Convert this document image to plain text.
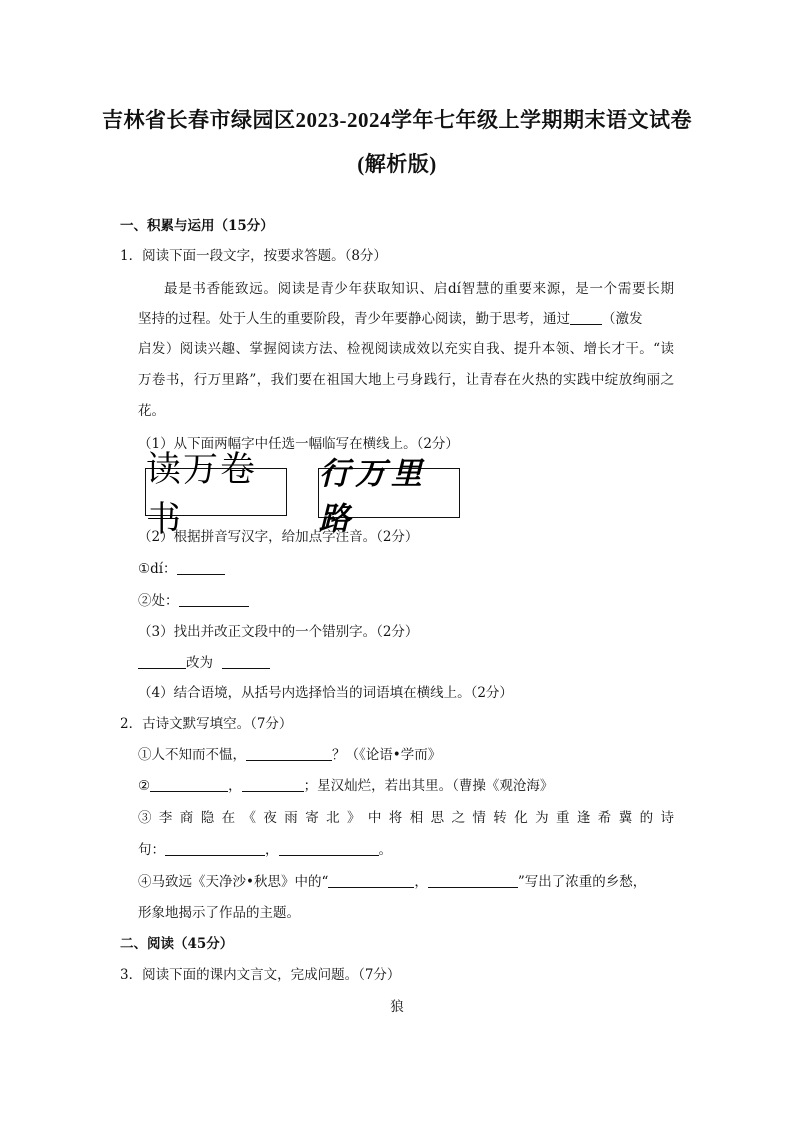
吉林省长春市绿园区2023-2024学年七年级上学期期末语文试卷
(解析版)
一、积累与运用（15分）
1．阅读下面一段文字，按要求答题。（8分）
最是书香能致远。阅读是青少年获取知识、启dí智慧的重要来源，是一个需要长期
坚持的过程。处于人生的重要阶段，青少年要静心阅读，勤于思考，通过 （激发
启发）阅读兴趣、掌握阅读方法、检视阅读成效以充实自我、提升本领、增长才干。“读
万卷书，行万里路”，我们要在祖国大地上弓身践行，让青春在火热的实践中绽放绚丽之
花。
（1）从下面两幅字中任选一幅临写在横线上。（2分）
读万卷书
行万里路
（2）根据拼音写汉字，给加点字注音。（2分）
①dí：
②处：
（3）找出并改正文段中的一个错别字。（2分）
改为
（4）结合语境，从括号内选择恰当的词语填在横线上。（2分）
2．古诗文默写填空。（7分）
①人不知而不愠，	？（《论语•学而》
②	，	；星汉灿烂，若出其里。（曹操《观沧海》
③李商隐在《夜雨寄北》中将相思之情转化为重逢希冀的诗
句：	，	。
④马致远《天净沙•秋思》中的“	，	”写出了浓重的乡愁，
形象地揭示了作品的主题。
二、阅读（45分）
3．阅读下面的课内文言文，完成问题。（7分）
狼
